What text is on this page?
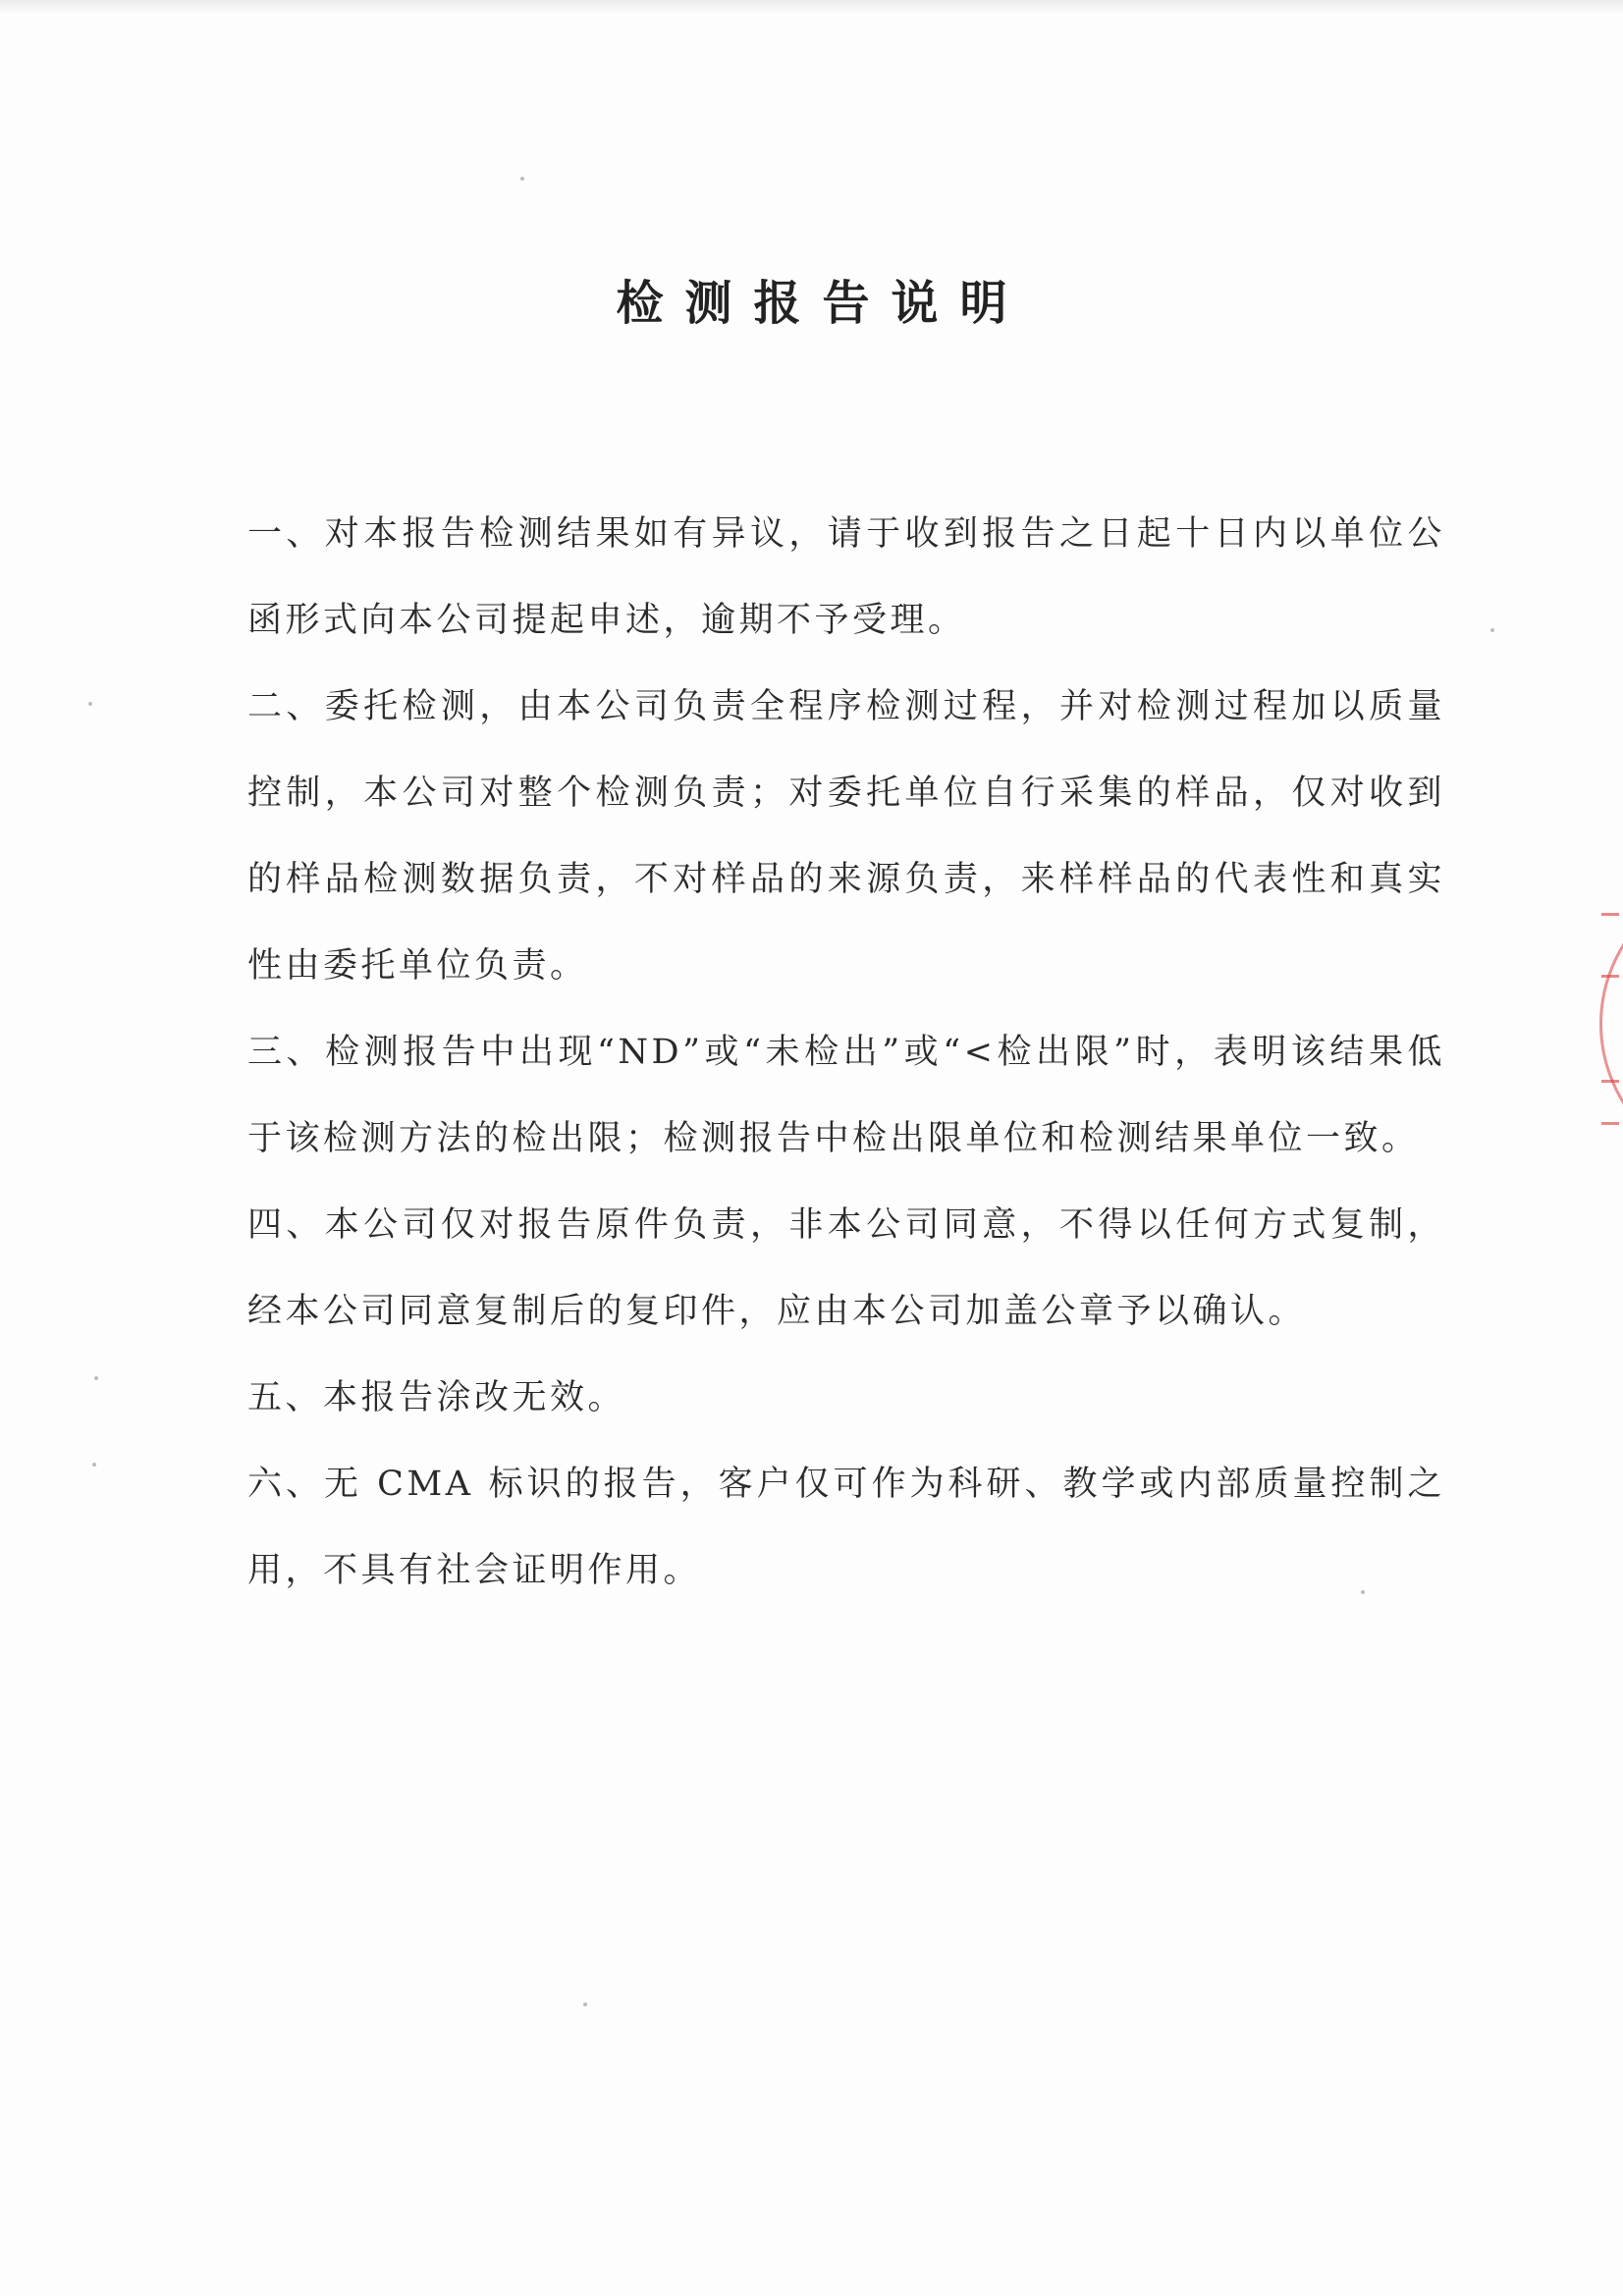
检测报告说明

一、对本报告检测结果如有异议，请于收到报告之日起十日内以单位公函形式向本公司提起申述，逾期不予受理。

二、委托检测，由本公司负责全程序检测过程，并对检测过程加以质量控制，本公司对整个检测负责；对委托单位自行采集的样品，仅对收到的样品检测数据负责，不对样品的来源负责，来样样品的代表性和真实性由委托单位负责。

三、检测报告中出现“ND”或“未检出”或“<检出限”时，表明该结果低于该检测方法的检出限；检测报告中检出限单位和检测结果单位一致。

四、本公司仅对报告原件负责，非本公司同意，不得以任何方式复制，经本公司同意复制后的复印件，应由本公司加盖公章予以确认。

五、本报告涂改无效。

六、无 CMA 标识的报告，客户仅可作为科研、教学或内部质量控制之用，不具有社会证明作用。
